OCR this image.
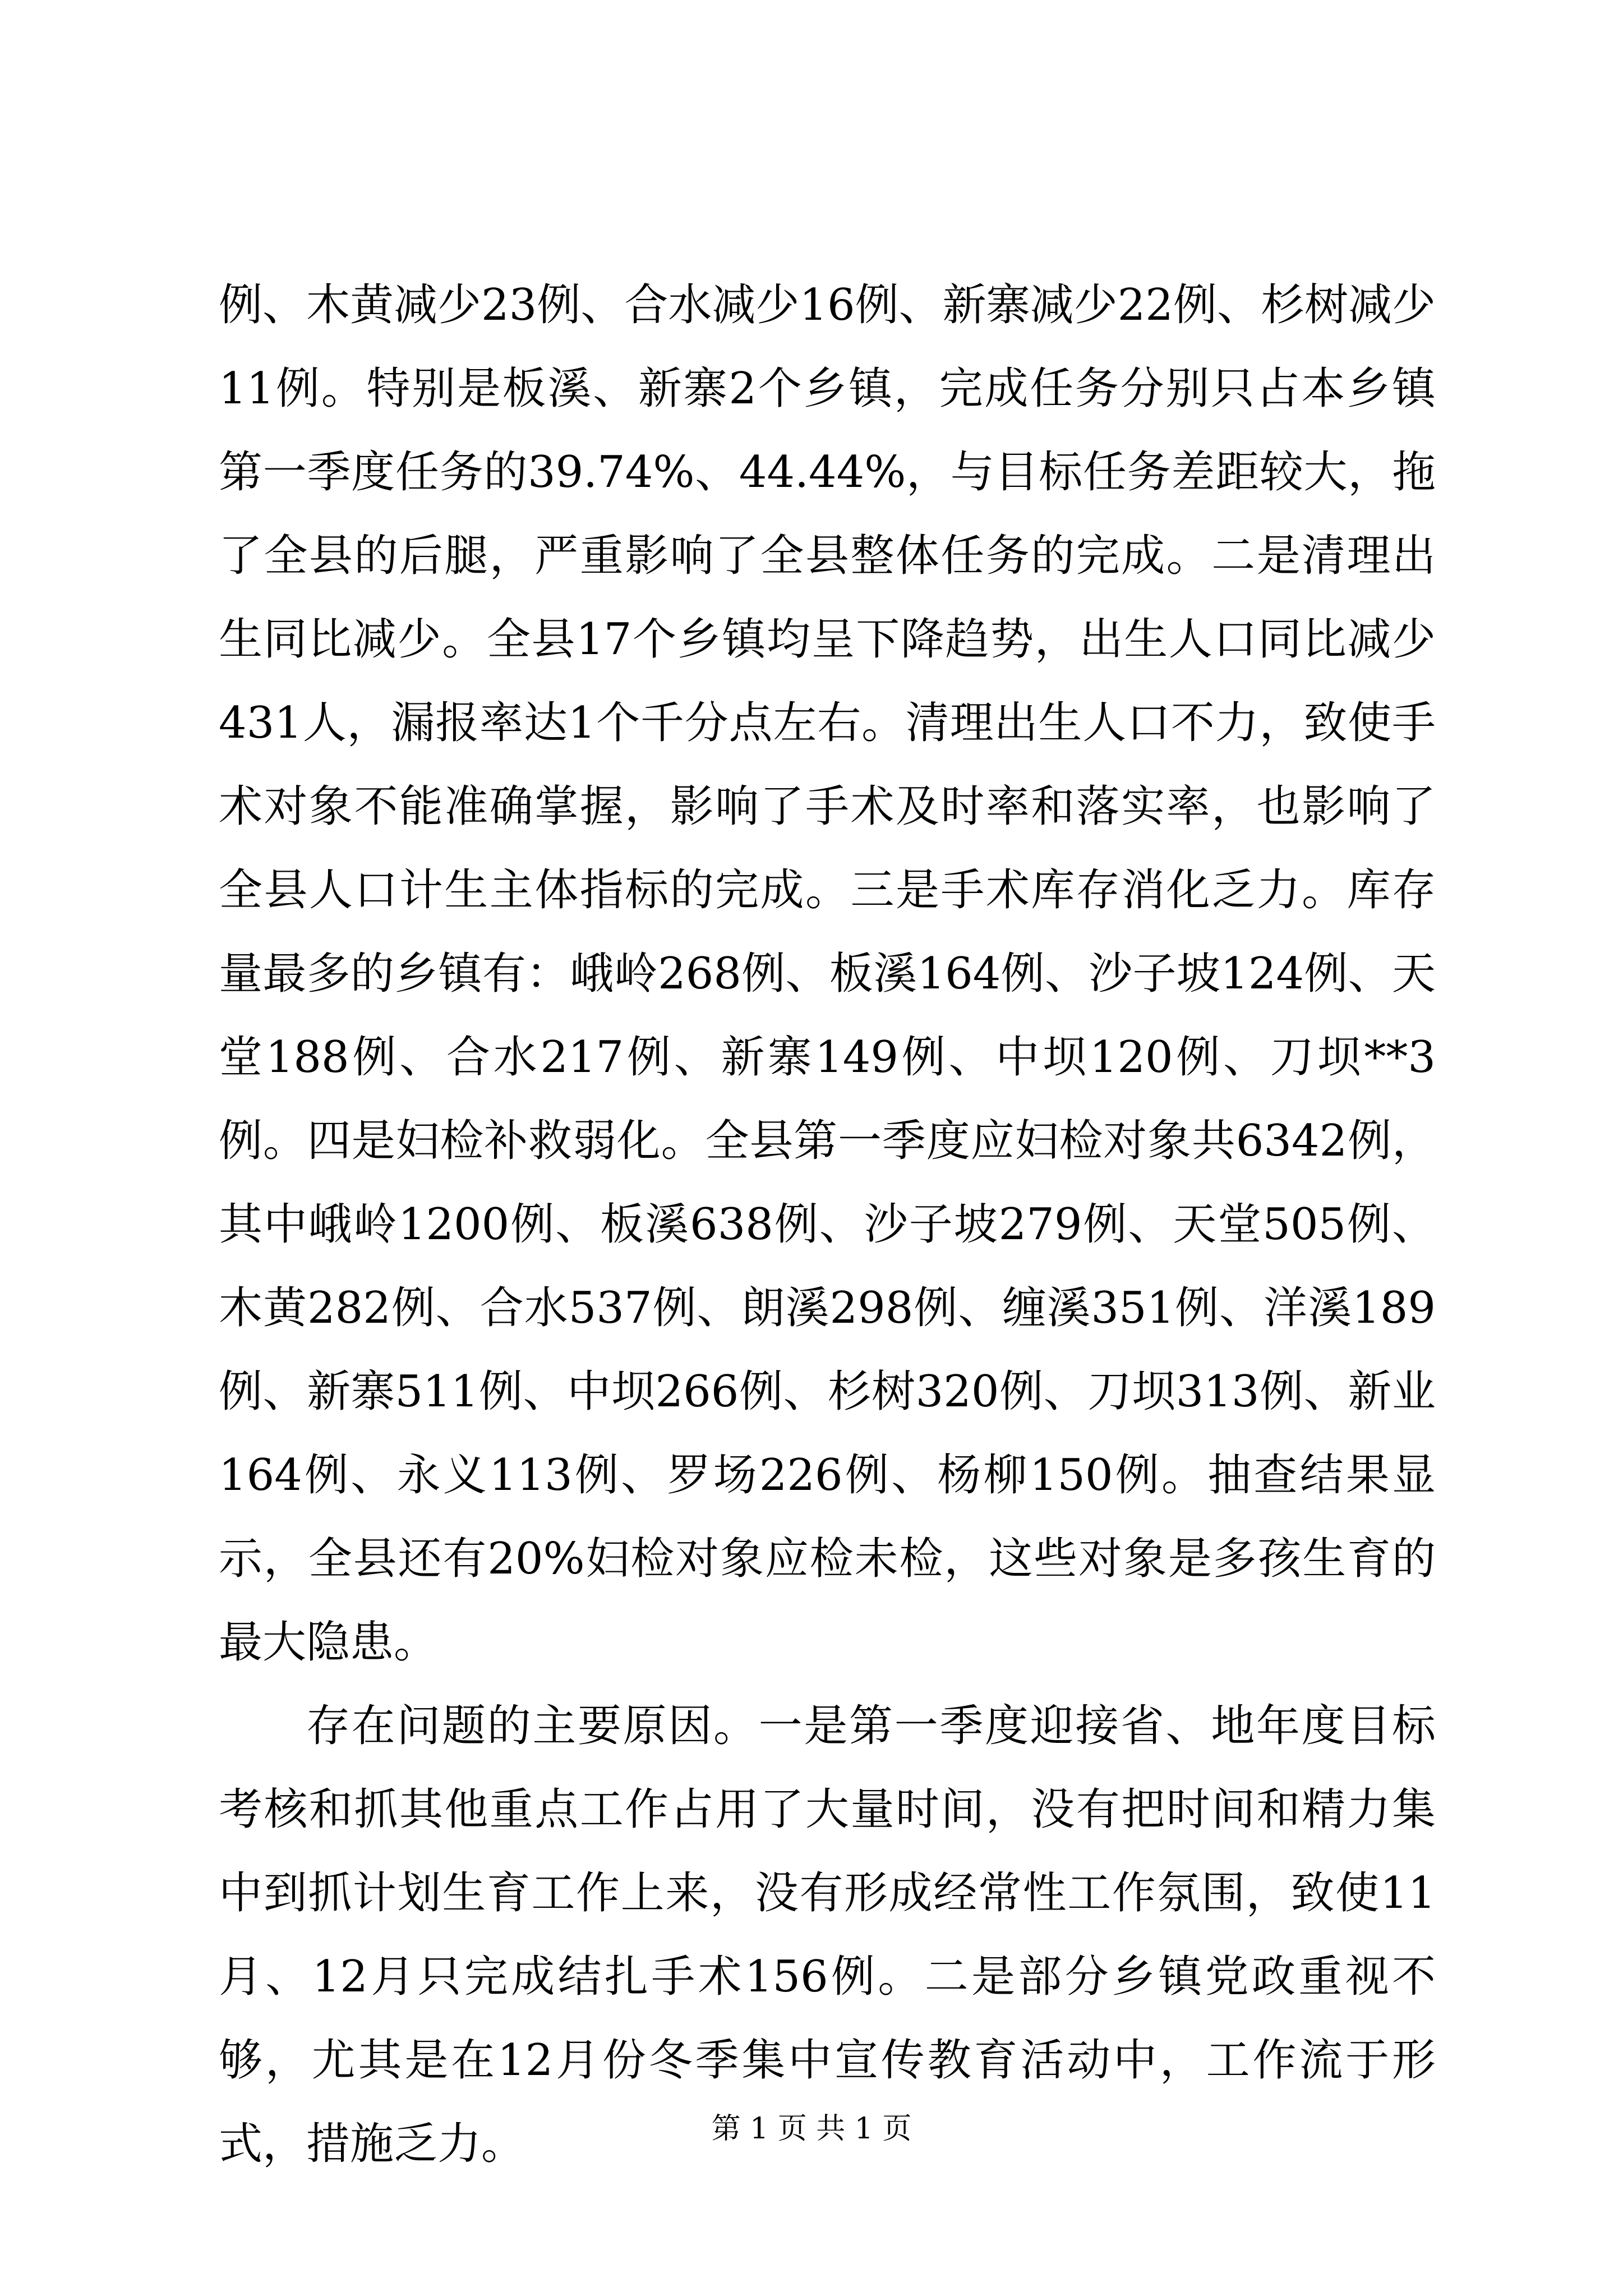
例、木黄减少23例、合水减少16例、新寨减少22例、杉树减少11例。特别是板溪、新寨2个乡镇，完成任务分别只占本乡镇第一季度任务的39.74%、44.44%，与目标任务差距较大，拖了全县的后腿，严重影响了全县整体任务的完成。二是清理出生同比减少。全县17个乡镇均呈下降趋势，出生人口同比减少431人，漏报率达1个千分点左右。清理出生人口不力，致使手术对象不能准确掌握，影响了手术及时率和落实率，也影响了全县人口计生主体指标的完成。三是手术库存消化乏力。库存量最多的乡镇有：峨岭268例、板溪164例、沙子坡124例、天堂188例、合水217例、新寨149例、中坝120例、刀坝**3例。四是妇检补救弱化。全县第一季度应妇检对象共6342例，其中峨岭1200例、板溪638例、沙子坡279例、天堂505例、木黄282例、合水537例、朗溪298例、缠溪351例、洋溪189例、新寨511例、中坝266例、杉树320例、刀坝313例、新业164例、永义113例、罗场226例、杨柳150例。抽查结果显示，全县还有20%妇检对象应检未检，这些对象是多孩生育的最大隐患。

存在问题的主要原因。一是第一季度迎接省、地年度目标考核和抓其他重点工作占用了大量时间，没有把时间和精力集中到抓计划生育工作上来，没有形成经常性工作氛围，致使11月、12月只完成结扎手术156例。二是部分乡镇党政重视不够，尤其是在12月份冬季集中宣传教育活动中，工作流于形式，措施乏力。	第 1 页 共 1 页
